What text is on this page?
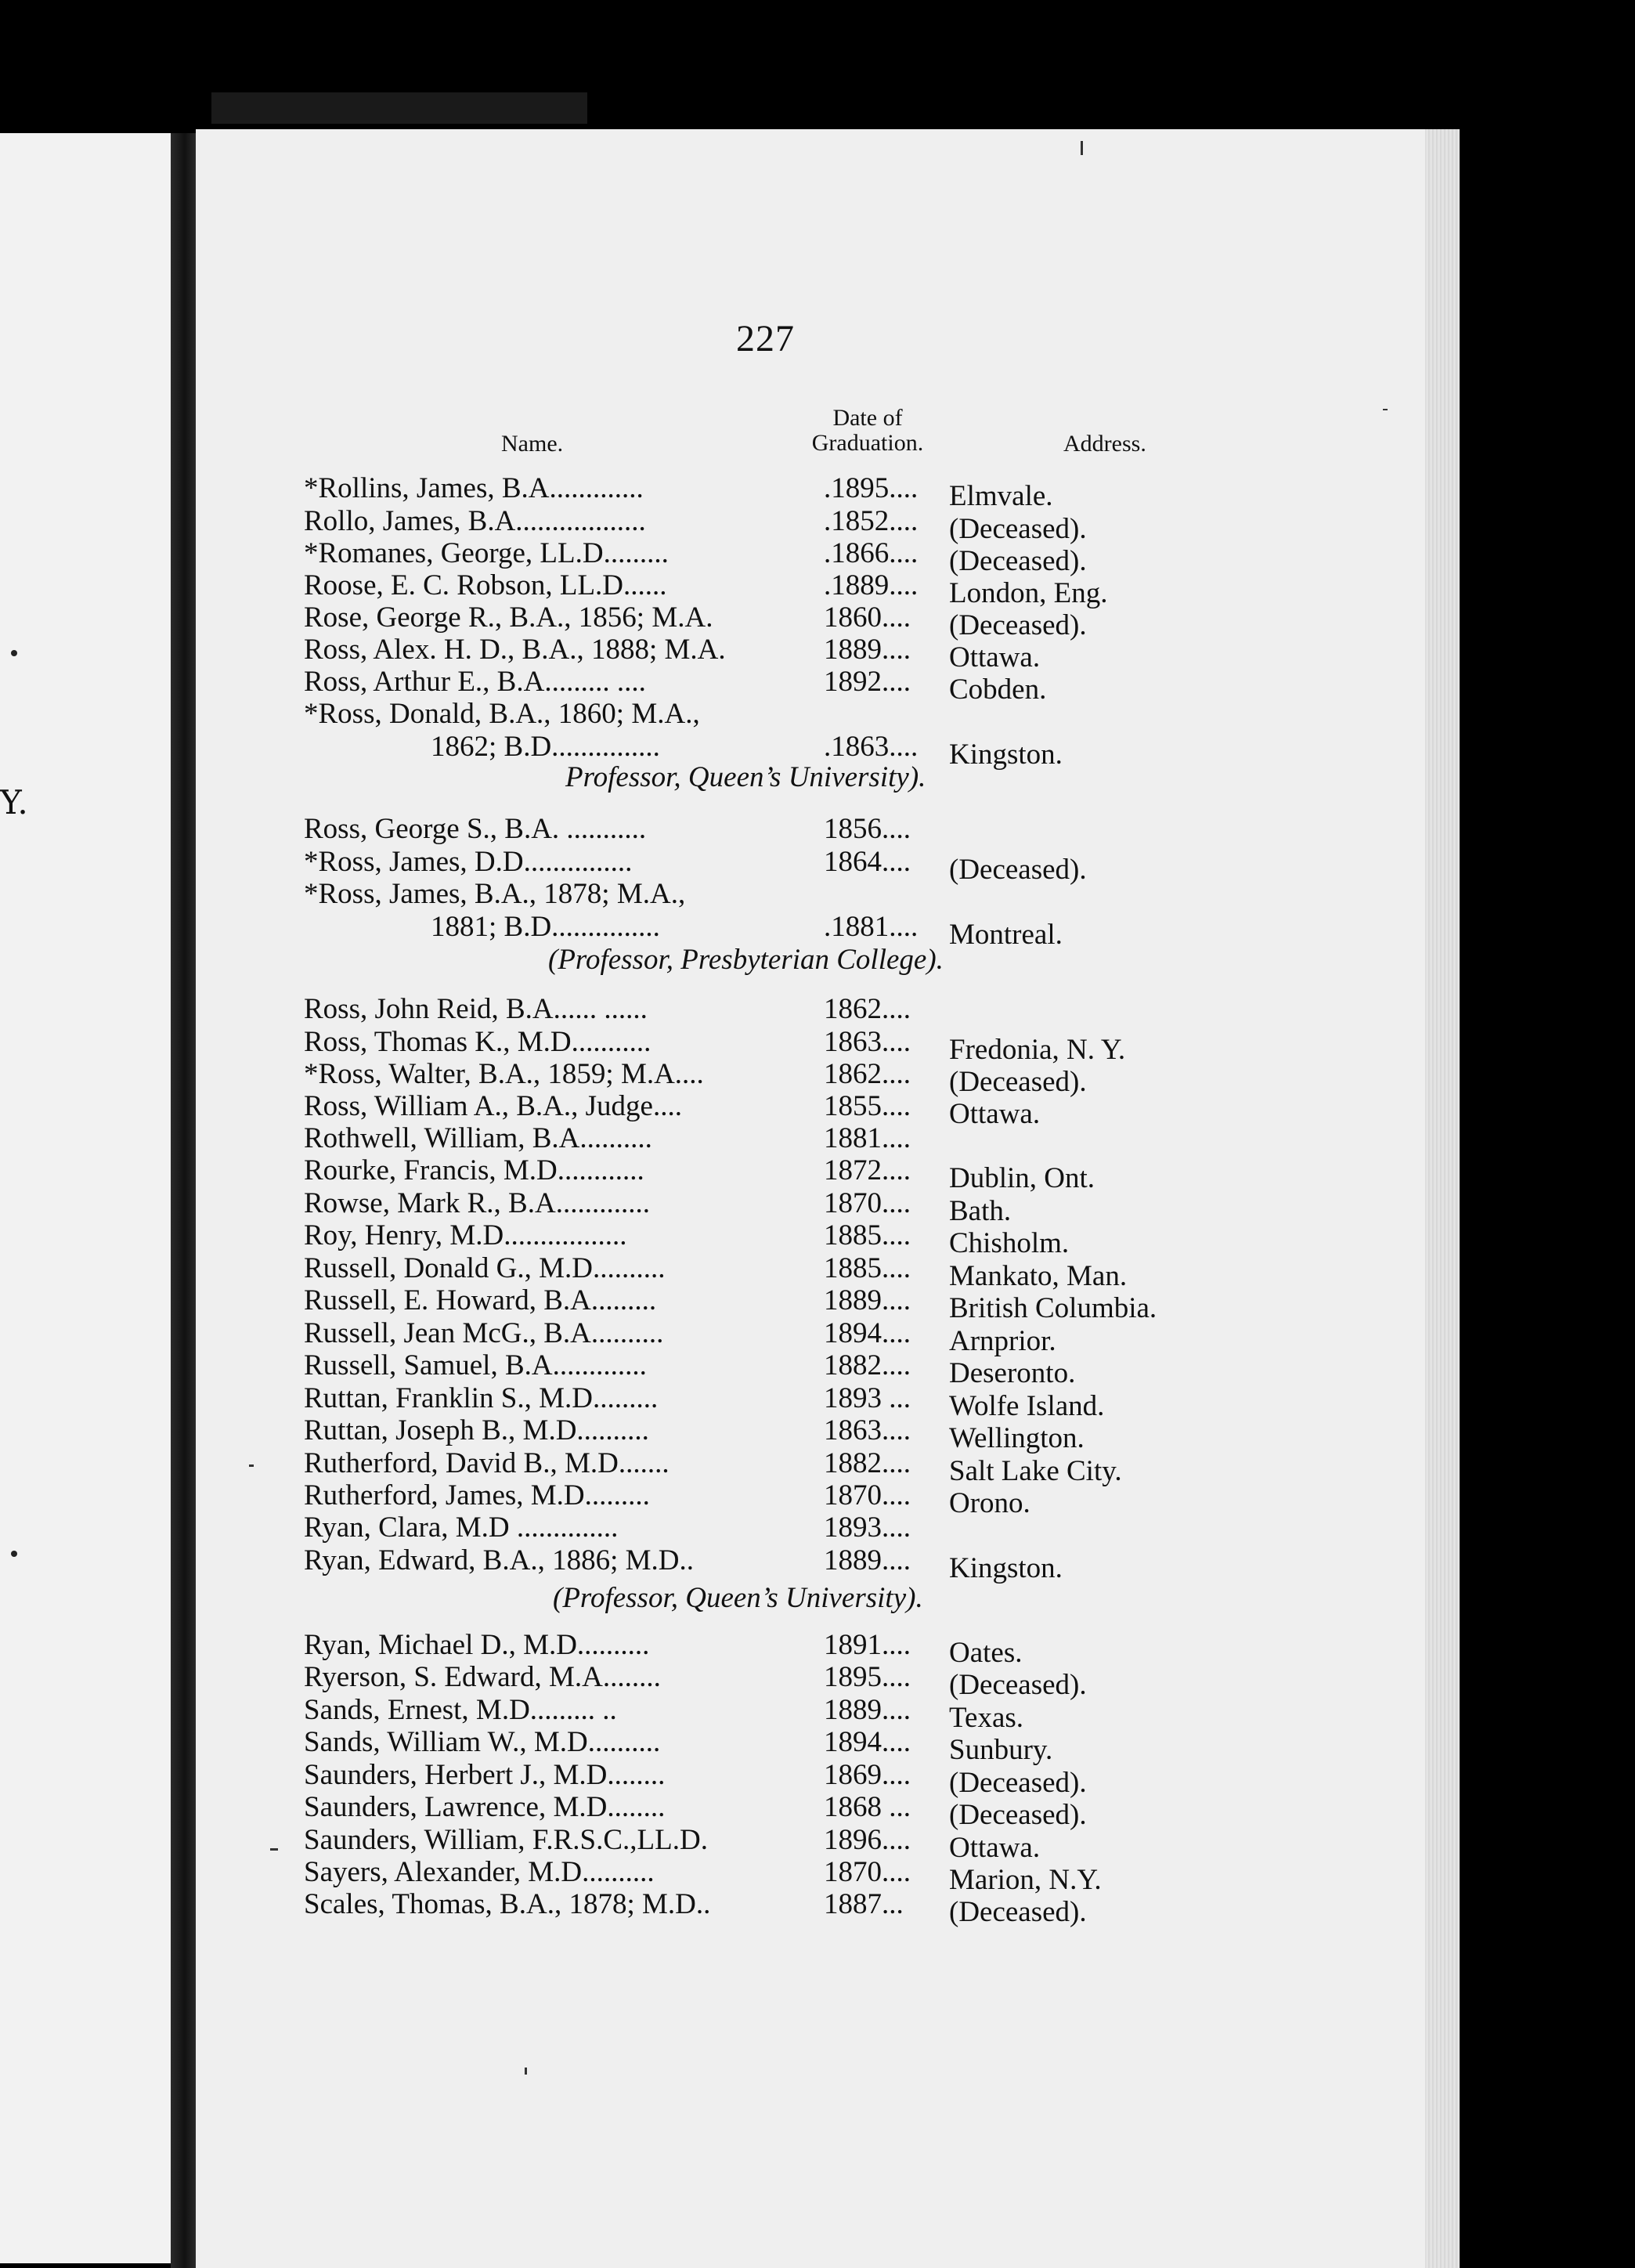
Y.
227
Name.
Date of
Graduation.	Address.
*Rollins, James, B.A.............	.1895.... Elmvale.
Rollo, James, B.A..................	.1852.... (Deceased).
*Romanes, George, LL.D.........	.1866.... (Deceased).
Roose, E. C. Robson, LL.D......	.1889.... London, Eng.
Rose, George R., B.A., 1856; M.A.	1860.... (Deceased).
Ross, Alex. H. D., B.A., 1888; M.A.	1889.... Ottawa.
Ross, Arthur E., B.A......... ....	1892.... Cobden.
*Ross, Donald, B.A., 1860; M.A.,
1862; B.D...............	.1863.... Kingston.
Ross, George S., B.A. ...........	1856....
*Ross, James, D.D...............	1864.... (Deceased).
*Ross, James, B.A., 1878; M.A.,
1881; B.D...............	.1881.... Montreal.
Ross, John Reid, B.A...... ......	1862....
Ross, Thomas K., M.D...........	1863.... Fredonia, N. Y.
*Ross, Walter, B.A., 1859; M.A....	1862.... (Deceased).
Ross, William A., B.A., Judge....	1855.... Ottawa.
Rothwell, William, B.A..........	1881....
Rourke, Francis, M.D............	1872.... Dublin, Ont.
Rowse, Mark R., B.A.............	1870.... Bath.
Roy, Henry, M.D.................	1885.... Chisholm.
Russell, Donald G., M.D..........	1885.... Mankato, Man.
Russell, E. Howard, B.A.........	1889.... British Columbia.
Russell, Jean McG., B.A..........	1894.... Arnprior.
Russell, Samuel, B.A.............	1882.... Deseronto.
Ruttan, Franklin S., M.D.........	1893 ... Wolfe Island.
Ruttan, Joseph B., M.D..........	1863.... Wellington.
Rutherford, David B., M.D.......	1882.... Salt Lake City.
Rutherford, James, M.D.........	1870.... Orono.
Ryan, Clara, M.D ..............	1893....
Ryan, Edward, B.A., 1886; M.D..	1889.... Kingston.
Ryan, Michael D., M.D..........	1891.... Oates.
Ryerson, S. Edward, M.A........	1895.... (Deceased).
Sands, Ernest, M.D......... ..	1889.... Texas.
Sands, William W., M.D..........	1894.... Sunbury.
Saunders, Herbert J., M.D........	1869.... (Deceased).
Saunders, Lawrence, M.D........	1868 ... (Deceased).
Saunders, William, F.R.S.C.,LL.D.	1896.... Ottawa.
Sayers, Alexander, M.D..........	1870.... Marion, N.Y.
Scales, Thomas, B.A., 1878; M.D..	1887...(Deceased).
Professor, Queen’s University).
(Professor, Presbyterian College).
(Professor, Queen’s University).
